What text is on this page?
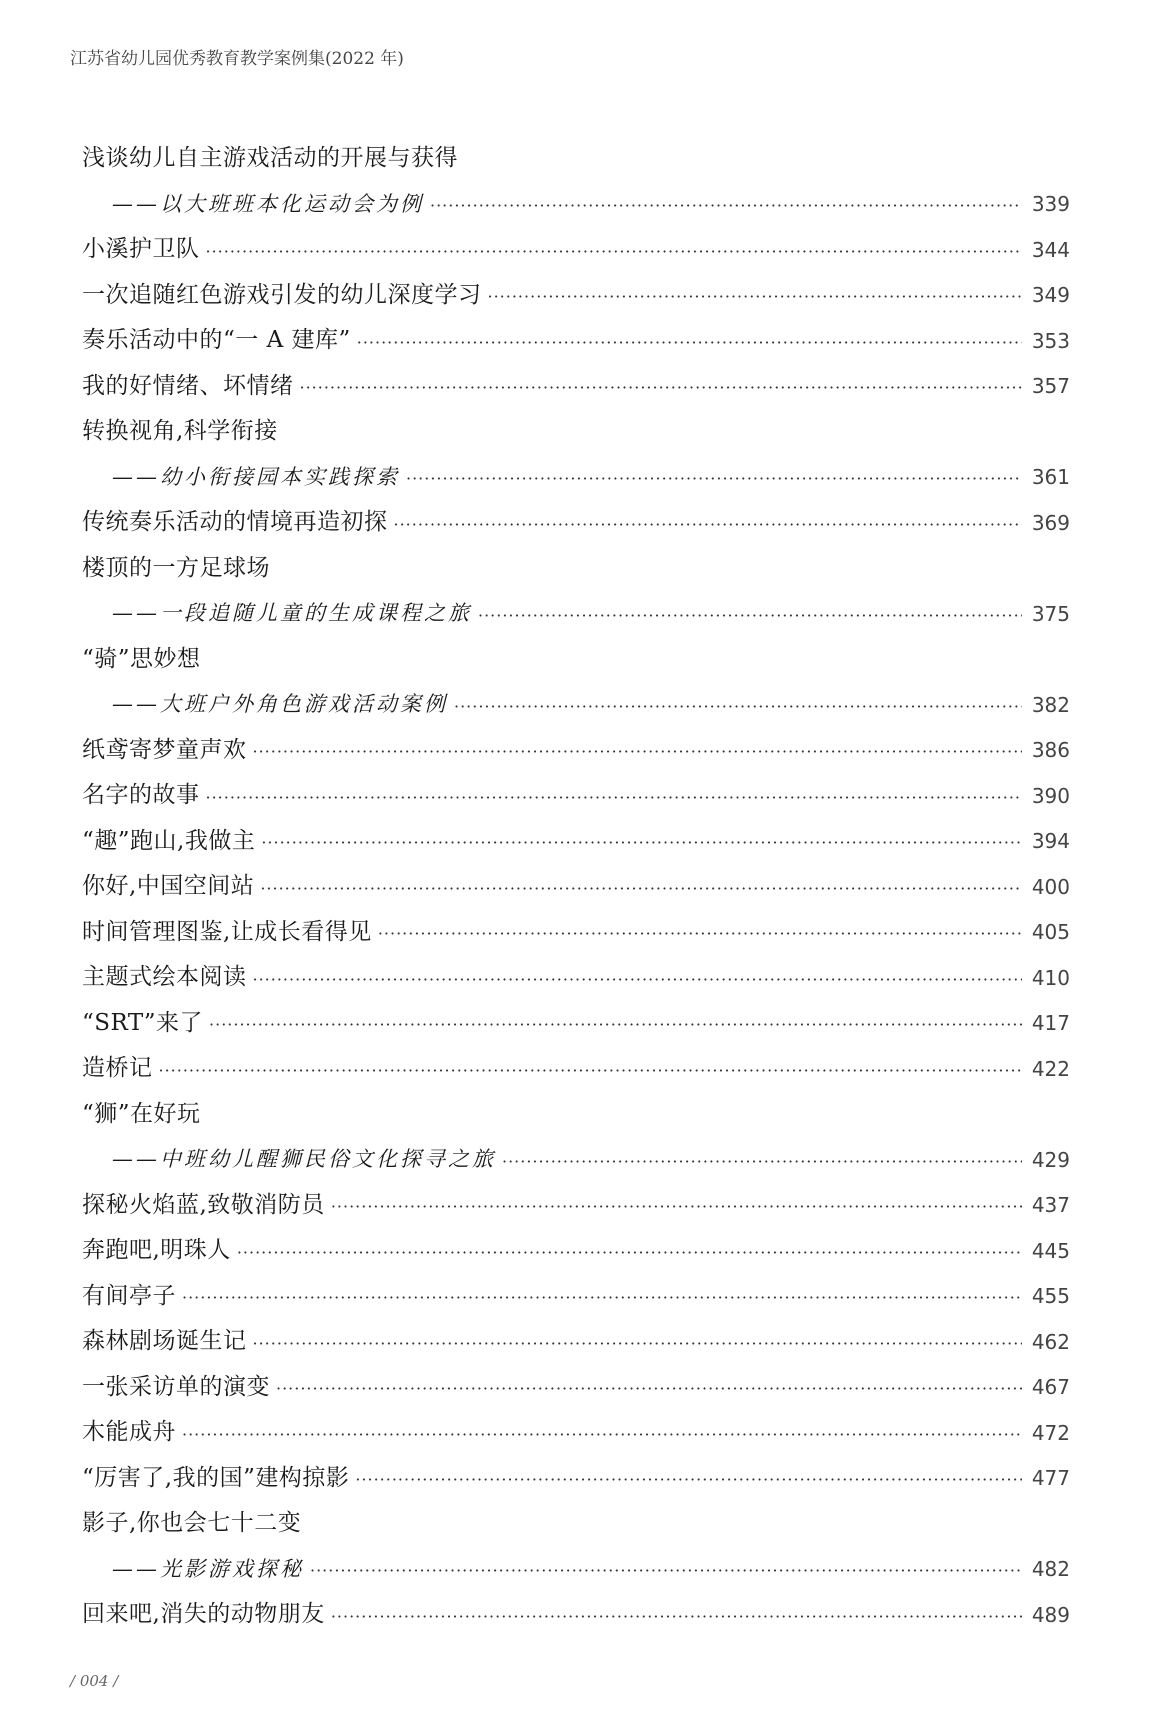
江苏省幼儿园优秀教育教学案例集(2022 年)
浅谈幼儿自主游戏活动的开展与获得
——以大班班本化运动会为例 ·····	339
小溪护卫队 ·····	344
一次追随红色游戏引发的幼儿深度学习 ·····	349
奏乐活动中的“一 A 建库” ·····	353
我的好情绪、坏情绪 ·····	357
转换视角,科学衔接
——幼小衔接园本实践探索 ·····	361
传统奏乐活动的情境再造初探 ·····	369
楼顶的一方足球场
——一段追随儿童的生成课程之旅 ·····	375
“骑”思妙想
——大班户外角色游戏活动案例 ·····	382
纸鸢寄梦童声欢 ·····	386
名字的故事 ·····	390
“趣”跑山,我做主 ·····	394
你好,中国空间站 ·····	400
时间管理图鉴,让成长看得见 ·····	405
主题式绘本阅读 ·····	410
“SRT”来了 ·····	417
造桥记 ·····	422
“狮”在好玩
——中班幼儿醒狮民俗文化探寻之旅 ·····	429
探秘火焰蓝,致敬消防员 ·····	437
奔跑吧,明珠人 ·····	445
有间亭子 ·····	455
森林剧场诞生记 ·····	462
一张采访单的演变 ·····	467
木能成舟 ·····	472
“厉害了,我的国”建构掠影 ·····	477
影子,你也会七十二变
——光影游戏探秘 ·····	482
回来吧,消失的动物朋友 ·····	489
/ 004 /
